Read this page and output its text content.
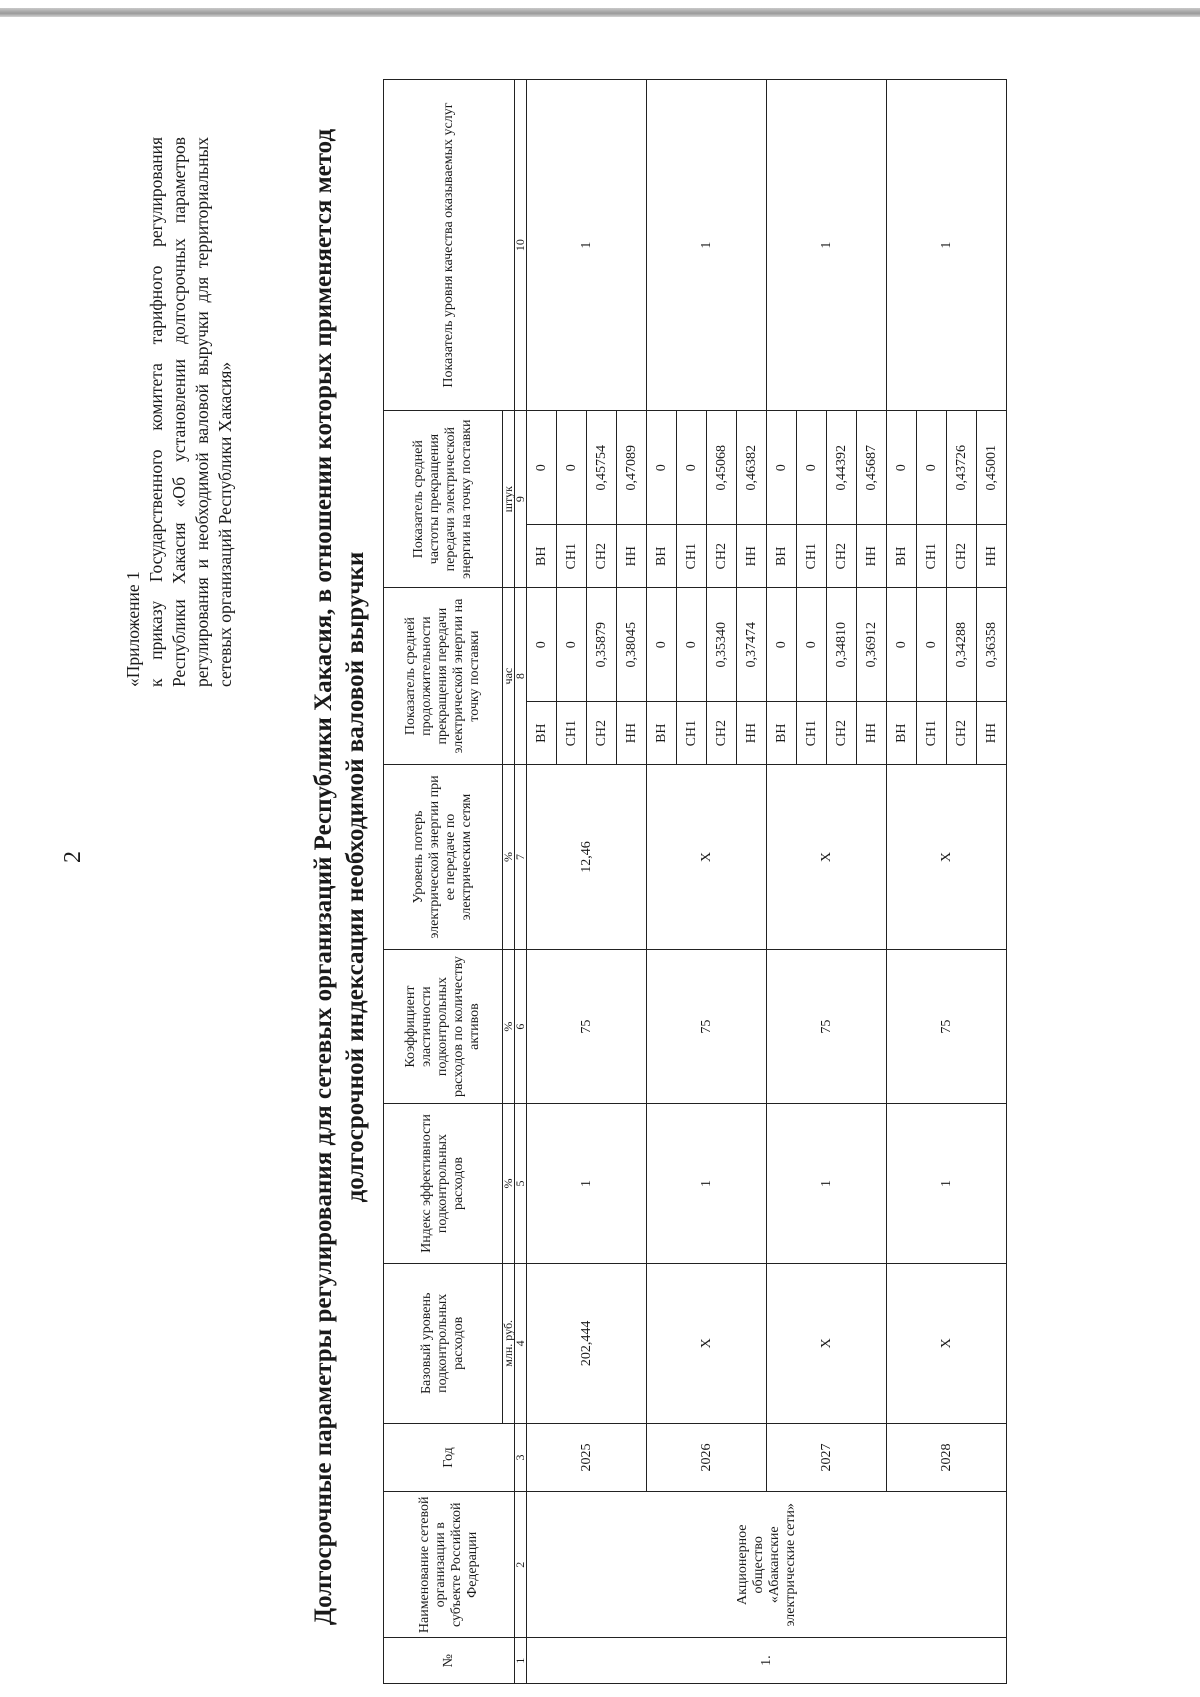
2
«Приложение 1 к приказу Государственного комитета тарифного регулирования Республики Хакасия «Об установлении долгосрочных параметров регулирования и необходимой валовой выручки для территориальных сетевых организаций Республики Хакасия»	Долгосрочные параметры регулирования для сетевых организаций Республики Хакасия, в отношении которых применяется метод долгосрочной индексации необходимой валовой выручки
№	Наименование сетевой организации в субъекте Российской Федерации	Год	Базовый уровень подконтрольных расходов	Индекс эффективности подконтрольных расходов	Коэффициент эластичности подконтрольных расходов по количеству активов	Уровень потерь электрической энергии при ее передаче по электрическим сетям	Показатель средней продолжительности прекращения передачи электрической энергии на точку поставки		Показатель средней частоты прекращения передачи электрической энергии на точку поставки		Показатель уровня качества оказываемых услуг
			млн. руб.	%	%	%	час		штук		
1	2	3	4	5	6	7	8		9		10
1.	Акционерное общество «Абаканские электрические сети»	2025	202,444	1	75	12,46	ВН	0	ВН	0	1
							СН1	0	СН1	0	
							СН2	0,35879	СН2	0,45754	
							НН	0,38045	НН	0,47089	
		2026	Х	1	75	Х	ВН	0	ВН	0	1
							СН1	0	СН1	0	
							СН2	0,35340	СН2	0,45068	
							НН	0,37474	НН	0,46382	
		2027	Х	1	75	Х	ВН	0	ВН	0	1
							СН1	0	СН1	0	
							СН2	0,34810	СН2	0,44392	
							НН	0,36912	НН	0,45687	
		2028	Х	1	75	Х	ВН	0	ВН	0	1
							СН1	0	СН1	0	
							СН2	0,34288	СН2	0,43726	
							НН	0,36358	НН	0,45001	
